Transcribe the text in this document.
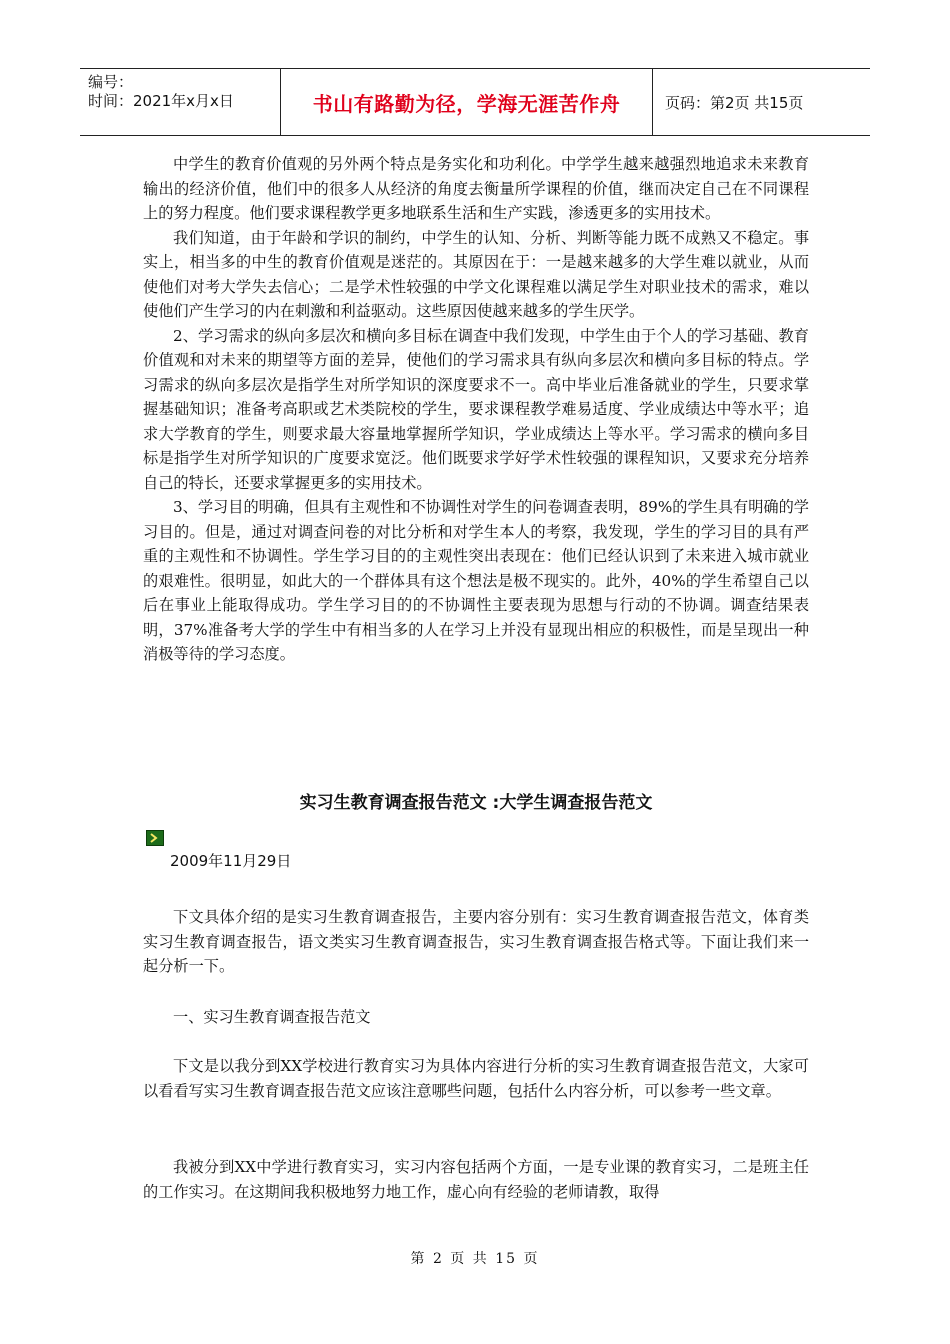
编号：
时间：2021年x月x日	书山有路勤为径，学海无涯苦作舟	页码：第2页 共15页

中学生的教育价值观的另外两个特点是务实化和功利化。中学学生越来越强烈地追求未来教育输出的经济价值，他们中的很多人从经济的角度去衡量所学课程的价值，继而决定自己在不同课程上的努力程度。他们要求课程教学更多地联系生活和生产实践，渗透更多的实用技术。

我们知道，由于年龄和学识的制约，中学生的认知、分析、判断等能力既不成熟又不稳定。事实上，相当多的中生的教育价值观是迷茫的。其原因在于：一是越来越多的大学生难以就业，从而使他们对考大学失去信心；二是学术性较强的中学文化课程难以满足学生对职业技术的需求，难以使他们产生学习的内在刺激和利益驱动。这些原因使越来越多的学生厌学。

2、学习需求的纵向多层次和横向多目标在调查中我们发现，中学生由于个人的学习基础、教育价值观和对未来的期望等方面的差异，使他们的学习需求具有纵向多层次和横向多目标的特点。学习需求的纵向多层次是指学生对所学知识的深度要求不一。高中毕业后准备就业的学生，只要求掌握基础知识；准备考高职或艺术类院校的学生，要求课程教学难易适度、学业成绩达中等水平；追求大学教育的学生，则要求最大容量地掌握所学知识，学业成绩达上等水平。学习需求的横向多目标是指学生对所学知识的广度要求宽泛。他们既要求学好学术性较强的课程知识，又要求充分培养自己的特长，还要求掌握更多的实用技术。

3、学习目的明确，但具有主观性和不协调性对学生的问卷调查表明，89%的学生具有明确的学习目的。但是，通过对调查问卷的对比分析和对学生本人的考察，我发现，学生的学习目的具有严重的主观性和不协调性。学生学习目的的主观性突出表现在：他们已经认识到了未来进入城市就业的艰难性。很明显，如此大的一个群体具有这个想法是极不现实的。此外，40%的学生希望自己以后在事业上能取得成功。学生学习目的的不协调性主要表现为思想与行动的不协调。调查结果表明，37%准备考大学的学生中有相当多的人在学习上并没有显现出相应的积极性，而是呈现出一种消极等待的学习态度。

实习生教育调查报告范文 :大学生调查报告范文
2009年11月29日
下文具体介绍的是实习生教育调查报告，主要内容分别有：实习生教育调查报告范文，体育类实习生教育调查报告，语文类实习生教育调查报告，实习生教育调查报告格式等。下面让我们来一起分析一下。
一、实习生教育调查报告范文
下文是以我分到XX学校进行教育实习为具体内容进行分析的实习生教育调查报告范文，大家可以看看写实习生教育调查报告范文应该注意哪些问题，包括什么内容分析，可以参考一些文章。
我被分到XX中学进行教育实习，实习内容包括两个方面，一是专业课的教育实习，二是班主任的工作实习。在这期间我积极地努力地工作，虚心向有经验的老师请教，取得
第 2 页 共 15 页
